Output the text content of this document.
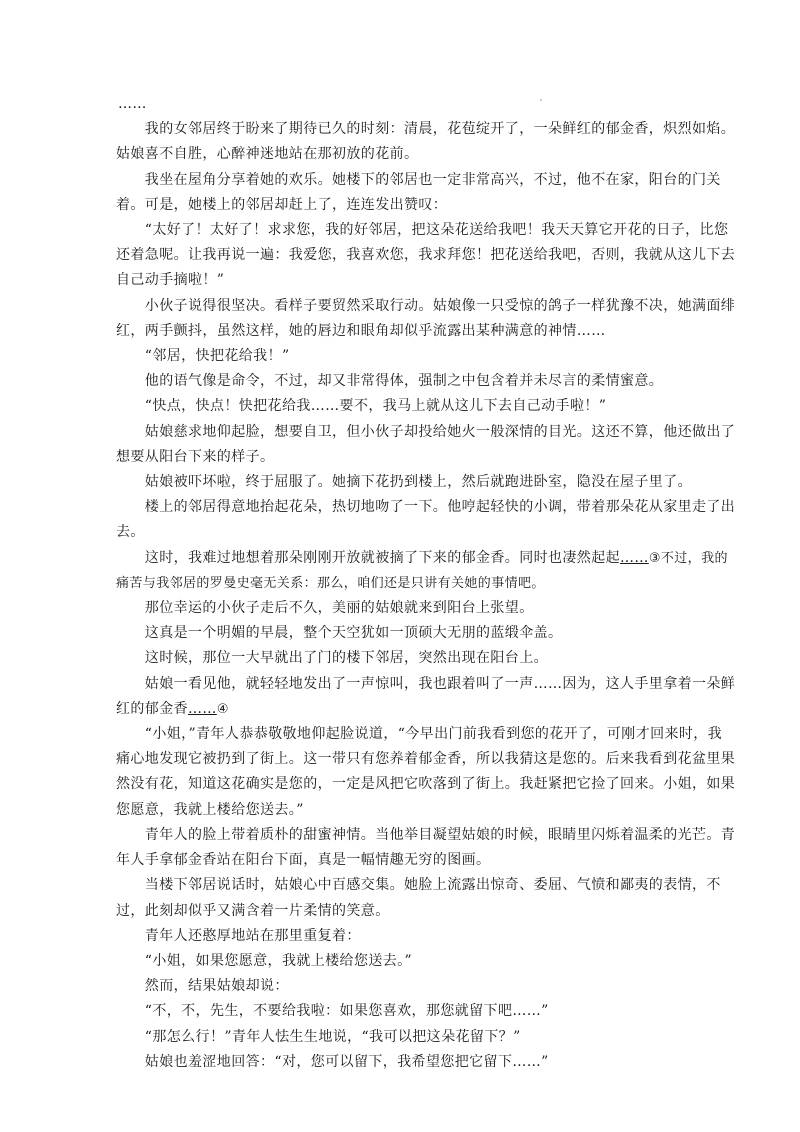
……

　　我的女邻居终于盼来了期待已久的时刻：清晨，花苞绽开了，一朵鲜红的郁金香，炽烈如焰。姑娘喜不自胜，心醉神迷地站在那初放的花前。

　　我坐在屋角分享着她的欢乐。她楼下的邻居也一定非常高兴，不过，他不在家，阳台的门关着。可是，她楼上的邻居却赶上了，连连发出赞叹：

　　“太好了！太好了！求求您，我的好邻居，把这朵花送给我吧！我天天算它开花的日子，比您还着急呢。让我再说一遍：我爱您，我喜欢您，我求拜您！把花送给我吧，否则，我就从这儿下去自己动手摘啦！”

　　小伙子说得很坚决。看样子要贸然采取行动。姑娘像一只受惊的鸽子一样犹豫不决，她满面绯红，两手颤抖，虽然这样，她的唇边和眼角却似乎流露出某种满意的神情……

　　“邻居，快把花给我！”

　　他的语气像是命令，不过，却又非常得体，强制之中包含着并未尽言的柔情蜜意。

　　“快点，快点！快把花给我……要不，我马上就从这儿下去自己动手啦！”

　　姑娘慈求地仰起脸，想要自卫，但小伙子却投给她火一般深情的目光。这还不算，他还做出了想要从阳台下来的样子。

　　姑娘被吓坏啦，终于屈服了。她摘下花扔到楼上，然后就跑进卧室，隐没在屋子里了。

　　楼上的邻居得意地抬起花朵，热切地吻了一下。他哼起轻快的小调，带着那朵花从家里走了出去。

　　这时，我难过地想着那朵刚刚开放就被摘了下来的郁金香。同时也凄然起起……③不过，我的痛苦与我邻居的罗曼史毫无关系：那么，咱们还是只讲有关她的事情吧。

　　那位幸运的小伙子走后不久，美丽的姑娘就来到阳台上张望。

　　这真是一个明媚的早晨，整个天空犹如一顶硕大无朋的蓝缎伞盖。

　　这时候，那位一大早就出了门的楼下邻居，突然出现在阳台上。

　　姑娘一看见他，就轻轻地发出了一声惊叫，我也跟着叫了一声……因为，这人手里拿着一朵鲜红的郁金香……④

　　“小姐，”青年人恭恭敬敬地仰起脸说道，“今早出门前我看到您的花开了，可刚才回来时，我痛心地发现它被扔到了街上。这一带只有您养着郁金香，所以我猜这是您的。后来我看到花盆里果然没有花，知道这花确实是您的，一定是风把它吹落到了街上。我赶紧把它捡了回来。小姐，如果您愿意，我就上楼给您送去。”

　　青年人的脸上带着质朴的甜蜜神情。当他举目凝望姑娘的时候，眼睛里闪烁着温柔的光芒。青年人手拿郁金香站在阳台下面，真是一幅情趣无穷的图画。

　　当楼下邻居说话时，姑娘心中百感交集。她脸上流露出惊奇、委屈、气愤和鄙夷的表情，不过，此刻却似乎又满含着一片柔情的笑意。

　　青年人还憨厚地站在那里重复着：

　　“小姐，如果您愿意，我就上楼给您送去。”

　　然而，结果姑娘却说：

　　“不，不，先生，不要给我啦：如果您喜欢，那您就留下吧……”

　　“那怎么行！”青年人怯生生地说，“我可以把这朵花留下？”

　　姑娘也羞涩地回答：“对，您可以留下，我希望您把它留下……”
